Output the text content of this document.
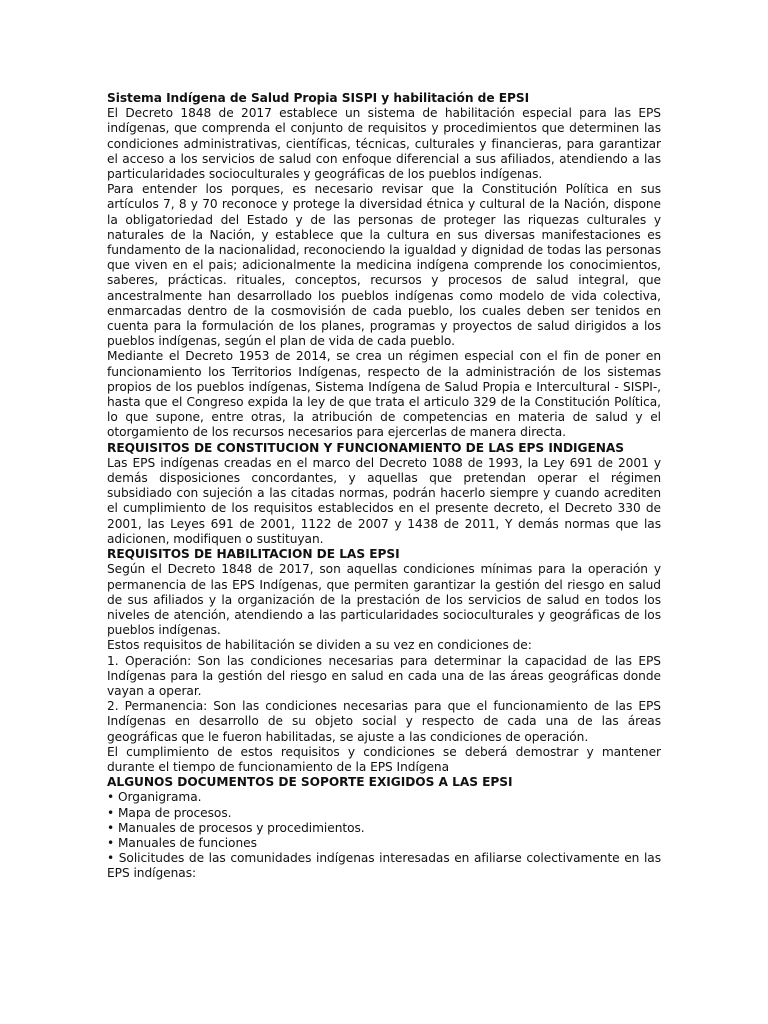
Sistema Indígena de Salud Propia SISPI y habilitación de EPSI

El Decreto 1848 de 2017 establece un sistema de habilitación especial para las EPS indígenas, que comprenda el conjunto de requisitos y procedimientos que determinen las condiciones administrativas, científicas, técnicas, culturales y financieras, para garantizar el acceso a los servicios de salud con enfoque diferencial a sus afiliados, atendiendo a las particularidades socioculturales y geográficas de los pueblos indígenas.

Para entender los porques, es necesario revisar que la Constitución Política en sus artículos 7, 8 y 70 reconoce y protege la diversidad étnica y cultural de la Nación, dispone la obligatoriedad del Estado y de las personas de proteger las riquezas culturales y naturales de la Nación, y establece que la cultura en sus diversas manifestaciones es fundamento de la nacionalidad, reconociendo la igualdad y dignidad de todas las personas que viven en el pais; adicionalmente la medicina indígena comprende los conocimientos, saberes, prácticas. rituales, conceptos, recursos y procesos de salud integral, que ancestralmente han desarrollado los pueblos indígenas como modelo de vida colectiva, enmarcadas dentro de la cosmovisión de cada pueblo, los cuales deben ser tenidos en cuenta para la formulación de los planes, programas y proyectos de salud dirigidos a los pueblos indígenas, según el plan de vida de cada pueblo.

Mediante el Decreto 1953 de 2014, se crea un régimen especial con el fin de poner en funcionamiento los Territorios Indígenas, respecto de la administración de los sistemas propios de los pueblos indígenas, Sistema Indígena de Salud Propia e Intercultural - SISPI-, hasta que el Congreso expida la ley de que trata el articulo 329 de la Constitución Política, lo que supone, entre otras, la atribución de competencias en materia de salud y el otorgamiento de los recursos necesarios para ejercerlas de manera directa.

REQUISITOS DE CONSTITUCION Y FUNCIONAMIENTO DE LAS EPS INDIGENAS

Las EPS indígenas creadas en el marco del Decreto 1088 de 1993, la Ley 691 de 2001 y demás disposiciones concordantes, y aquellas que pretendan operar el régimen subsidiado con sujeción a las citadas normas, podrán hacerlo siempre y cuando acrediten el cumplimiento de los requisitos establecidos en el presente decreto, el Decreto 330 de 2001, las Leyes 691 de 2001, 1122 de 2007 y 1438 de 2011, Y demás normas que las adicionen, modifiquen o sustituyan.

REQUISITOS DE HABILITACION DE LAS EPSI

Según el Decreto 1848 de 2017, son aquellas condiciones mínimas para la operación y permanencia de las EPS Indígenas, que permiten garantizar la gestión del riesgo en salud de sus afiliados y la organización de la prestación de los servicios de salud en todos los niveles de atención, atendiendo a las particularidades socioculturales y geográficas de los pueblos indígenas.

Estos requisitos de habilitación se dividen a su vez en condiciones de:

1. Operación: Son las condiciones necesarias para determinar la capacidad de las EPS Indígenas para la gestión del riesgo en salud en cada una de las áreas geográficas donde vayan a operar.

2. Permanencia: Son las condiciones necesarias para que el funcionamiento de las EPS Indígenas en desarrollo de su objeto social y respecto de cada una de las áreas geográficas que le fueron habilitadas, se ajuste a las condiciones de operación.

El cumplimiento de estos requisitos y condiciones se deberá demostrar y mantener durante el tiempo de funcionamiento de la EPS Indígena

ALGUNOS DOCUMENTOS DE SOPORTE EXIGIDOS A LAS EPSI

• Organigrama.
• Mapa de procesos.
• Manuales de procesos y procedimientos.
• Manuales de funciones
• Solicitudes de las comunidades indígenas interesadas en afiliarse colectivamente en las EPS indígenas:
